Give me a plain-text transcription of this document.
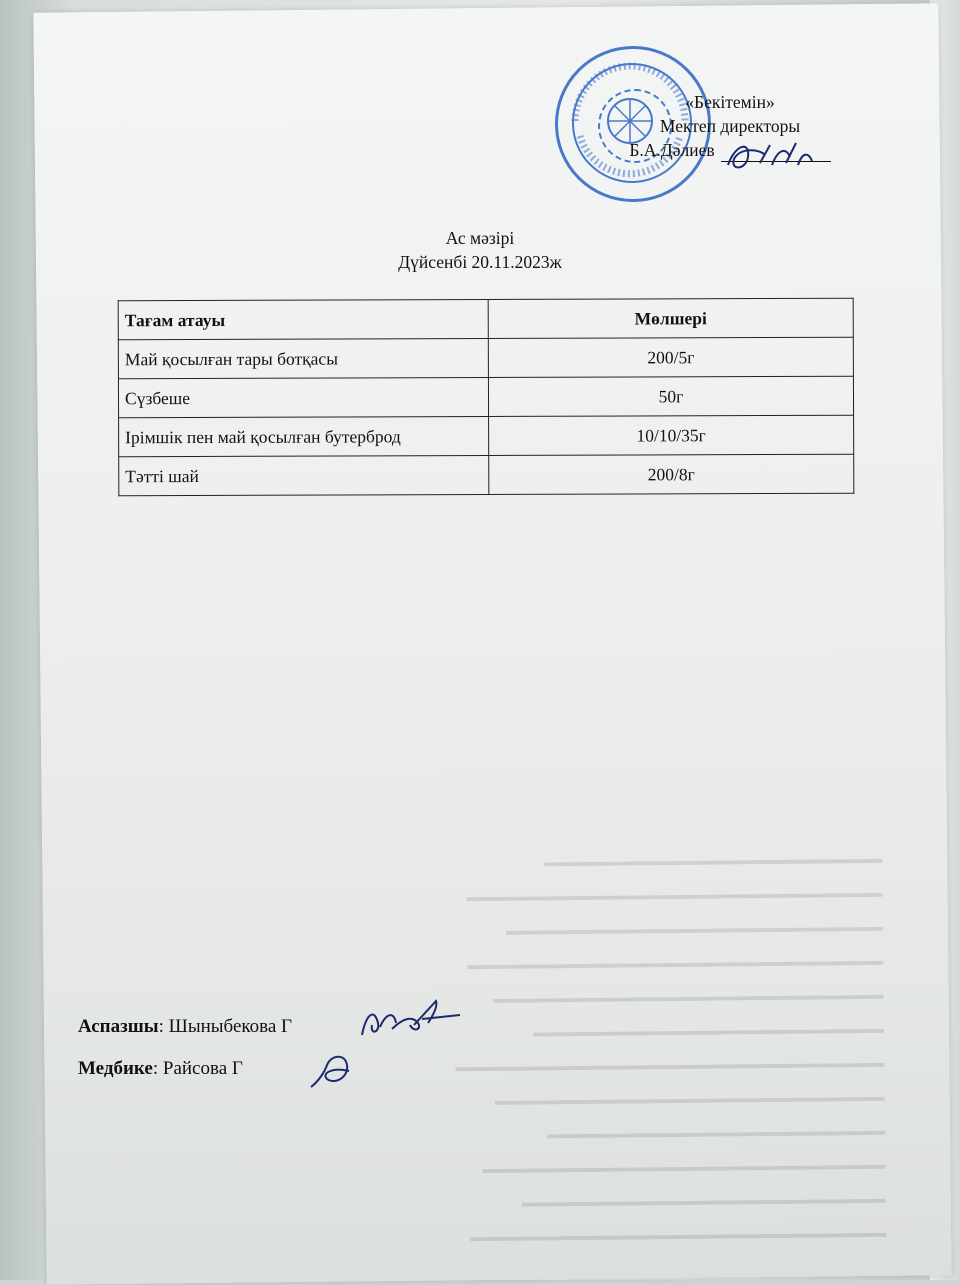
▬▬▬▬▬▬▬▬▬▬▬▬▬▬▬▬▬▬▬▬▬▬▬▬▬▬▬▬▬▬▬▬
▬▬▬▬▬▬▬▬▬▬▬▬▬▬▬▬▬▬▬▬▬▬▬▬▬▬▬▬
▬▬▬▬▬▬▬▬▬▬▬▬▬▬▬▬▬▬▬▬▬▬▬▬▬▬▬▬▬▬▬
▬▬▬▬▬▬▬▬▬▬▬▬▬▬▬▬▬▬▬▬▬▬▬▬▬▬
▬▬▬▬▬▬▬▬▬▬▬▬▬▬▬▬▬▬▬▬▬▬▬▬▬▬▬▬▬▬
▬▬▬▬▬▬▬▬▬▬▬▬▬▬▬▬▬▬▬▬▬▬▬▬▬▬▬▬▬▬▬▬▬
▬▬▬▬▬▬▬▬▬▬▬▬▬▬▬▬▬▬▬▬▬▬▬▬▬▬▬
▬▬▬▬▬▬▬▬▬▬▬▬▬▬▬▬▬▬▬▬▬▬▬▬▬▬▬▬▬▬
▬▬▬▬▬▬▬▬▬▬▬▬▬▬▬▬▬▬▬▬▬▬▬▬▬▬▬▬▬▬▬▬
▬▬▬▬▬▬▬▬▬▬▬▬▬▬▬▬▬▬▬▬▬▬▬▬▬▬▬▬▬
▬▬▬▬▬▬▬▬▬▬▬▬▬▬▬▬▬▬▬▬▬▬▬▬▬▬▬▬▬▬▬▬
▬▬▬▬▬▬▬▬▬▬▬▬▬▬▬▬▬▬▬▬▬▬▬▬▬▬

«Бекітемін»
Мектеп директоры
Б.А.Дәлиев
Ас мәзірі
Дүйсенбі 20.11.2023ж
Тағам атауы	Мөлшері
Май қосылған тары ботқасы	200/5г
Сүзбеше	50г
Ірімшік пен май қосылған бутерброд	10/10/35г
Тәтті шай	200/8г
Аспазшы: Шыныбекова Г
Медбике: Райсова Г
